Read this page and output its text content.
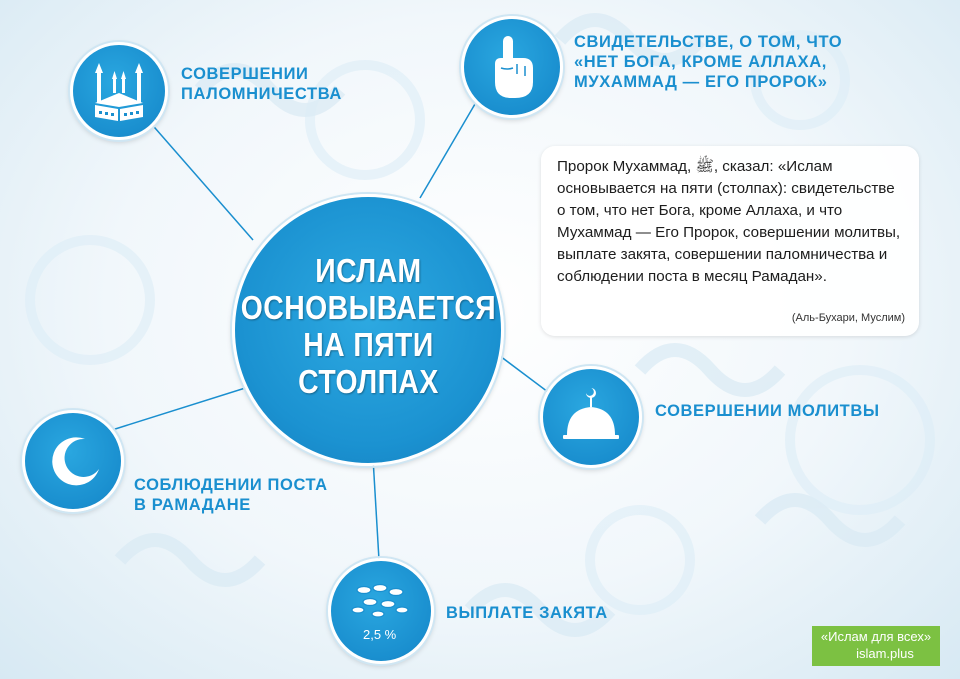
ИСЛАМ
ОСНОВЫВАЕТСЯ
НА ПЯТИ
СТОЛПАХ
СОВЕРШЕНИИ
ПАЛОМНИЧЕСТВА
СВИДЕТЕЛЬСТВЕ, О ТОМ, ЧТО
«НЕТ БОГА, КРОМЕ АЛЛАХА,
МУХАММАД — ЕГО ПРОРОК»
Пророк Мухаммад, ﷺ, сказал: «Ислам основывается на пяти (столпах): свидетельстве о том, что нет Бога, кроме Аллаха, и что Мухаммад — Его Пророк, совершении молитвы, выплате закята, совершении паломничества и соблюдении поста в месяц Рамадан».
(Аль-Бухари, Муслим)
СОВЕРШЕНИИ МОЛИТВЫ
СОБЛЮДЕНИИ ПОСТА
В РАМАДАНЕ
2,5 %
ВЫПЛАТЕ ЗАКЯТА
«Ислам для всех»
islam.plus
